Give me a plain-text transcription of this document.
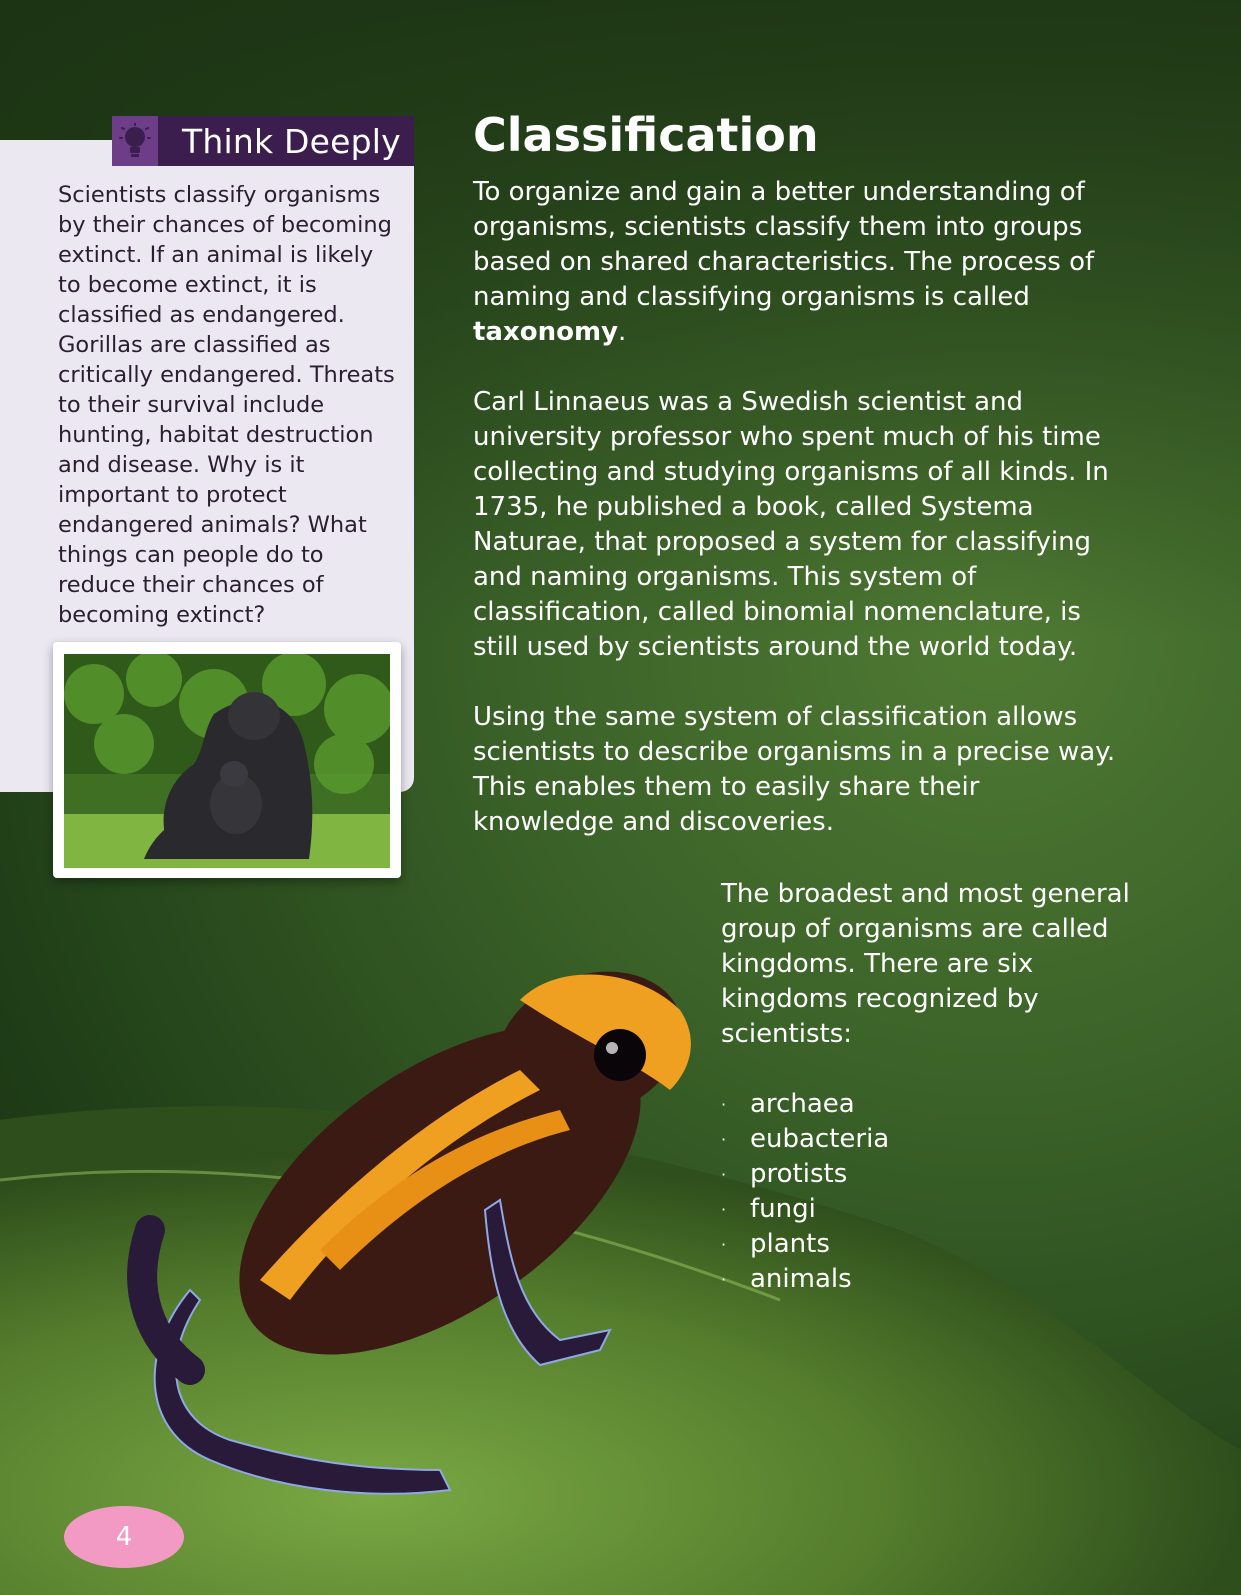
Think Deeply

Scientists classify organisms by their chances of becoming extinct. If an animal is likely to become extinct, it is classified as endangered. Gorillas are classified as critically endangered. Threats to their survival include hunting, habitat destruction and disease. Why is it important to protect endangered animals? What things can people do to reduce their chances of becoming extinct?

Classification

To organize and gain a better understanding of organisms, scientists classify them into groups based on shared characteristics. The process of naming and classifying organisms is called taxonomy.

Carl Linnaeus was a Swedish scientist and university professor who spent much of his time collecting and studying organisms of all kinds. In 1735, he published a book, called Systema Naturae, that proposed a system for classifying and naming organisms. This system of classification, called binomial nomenclature, is still used by scientists around the world today.

Using the same system of classification allows scientists to describe organisms in a precise way. This enables them to easily share their knowledge and discoveries.

The broadest and most general group of organisms are called kingdoms. There are six kingdoms recognized by scientists:

· archaea
· eubacteria
· protists
· fungi
· plants
· animals
4
